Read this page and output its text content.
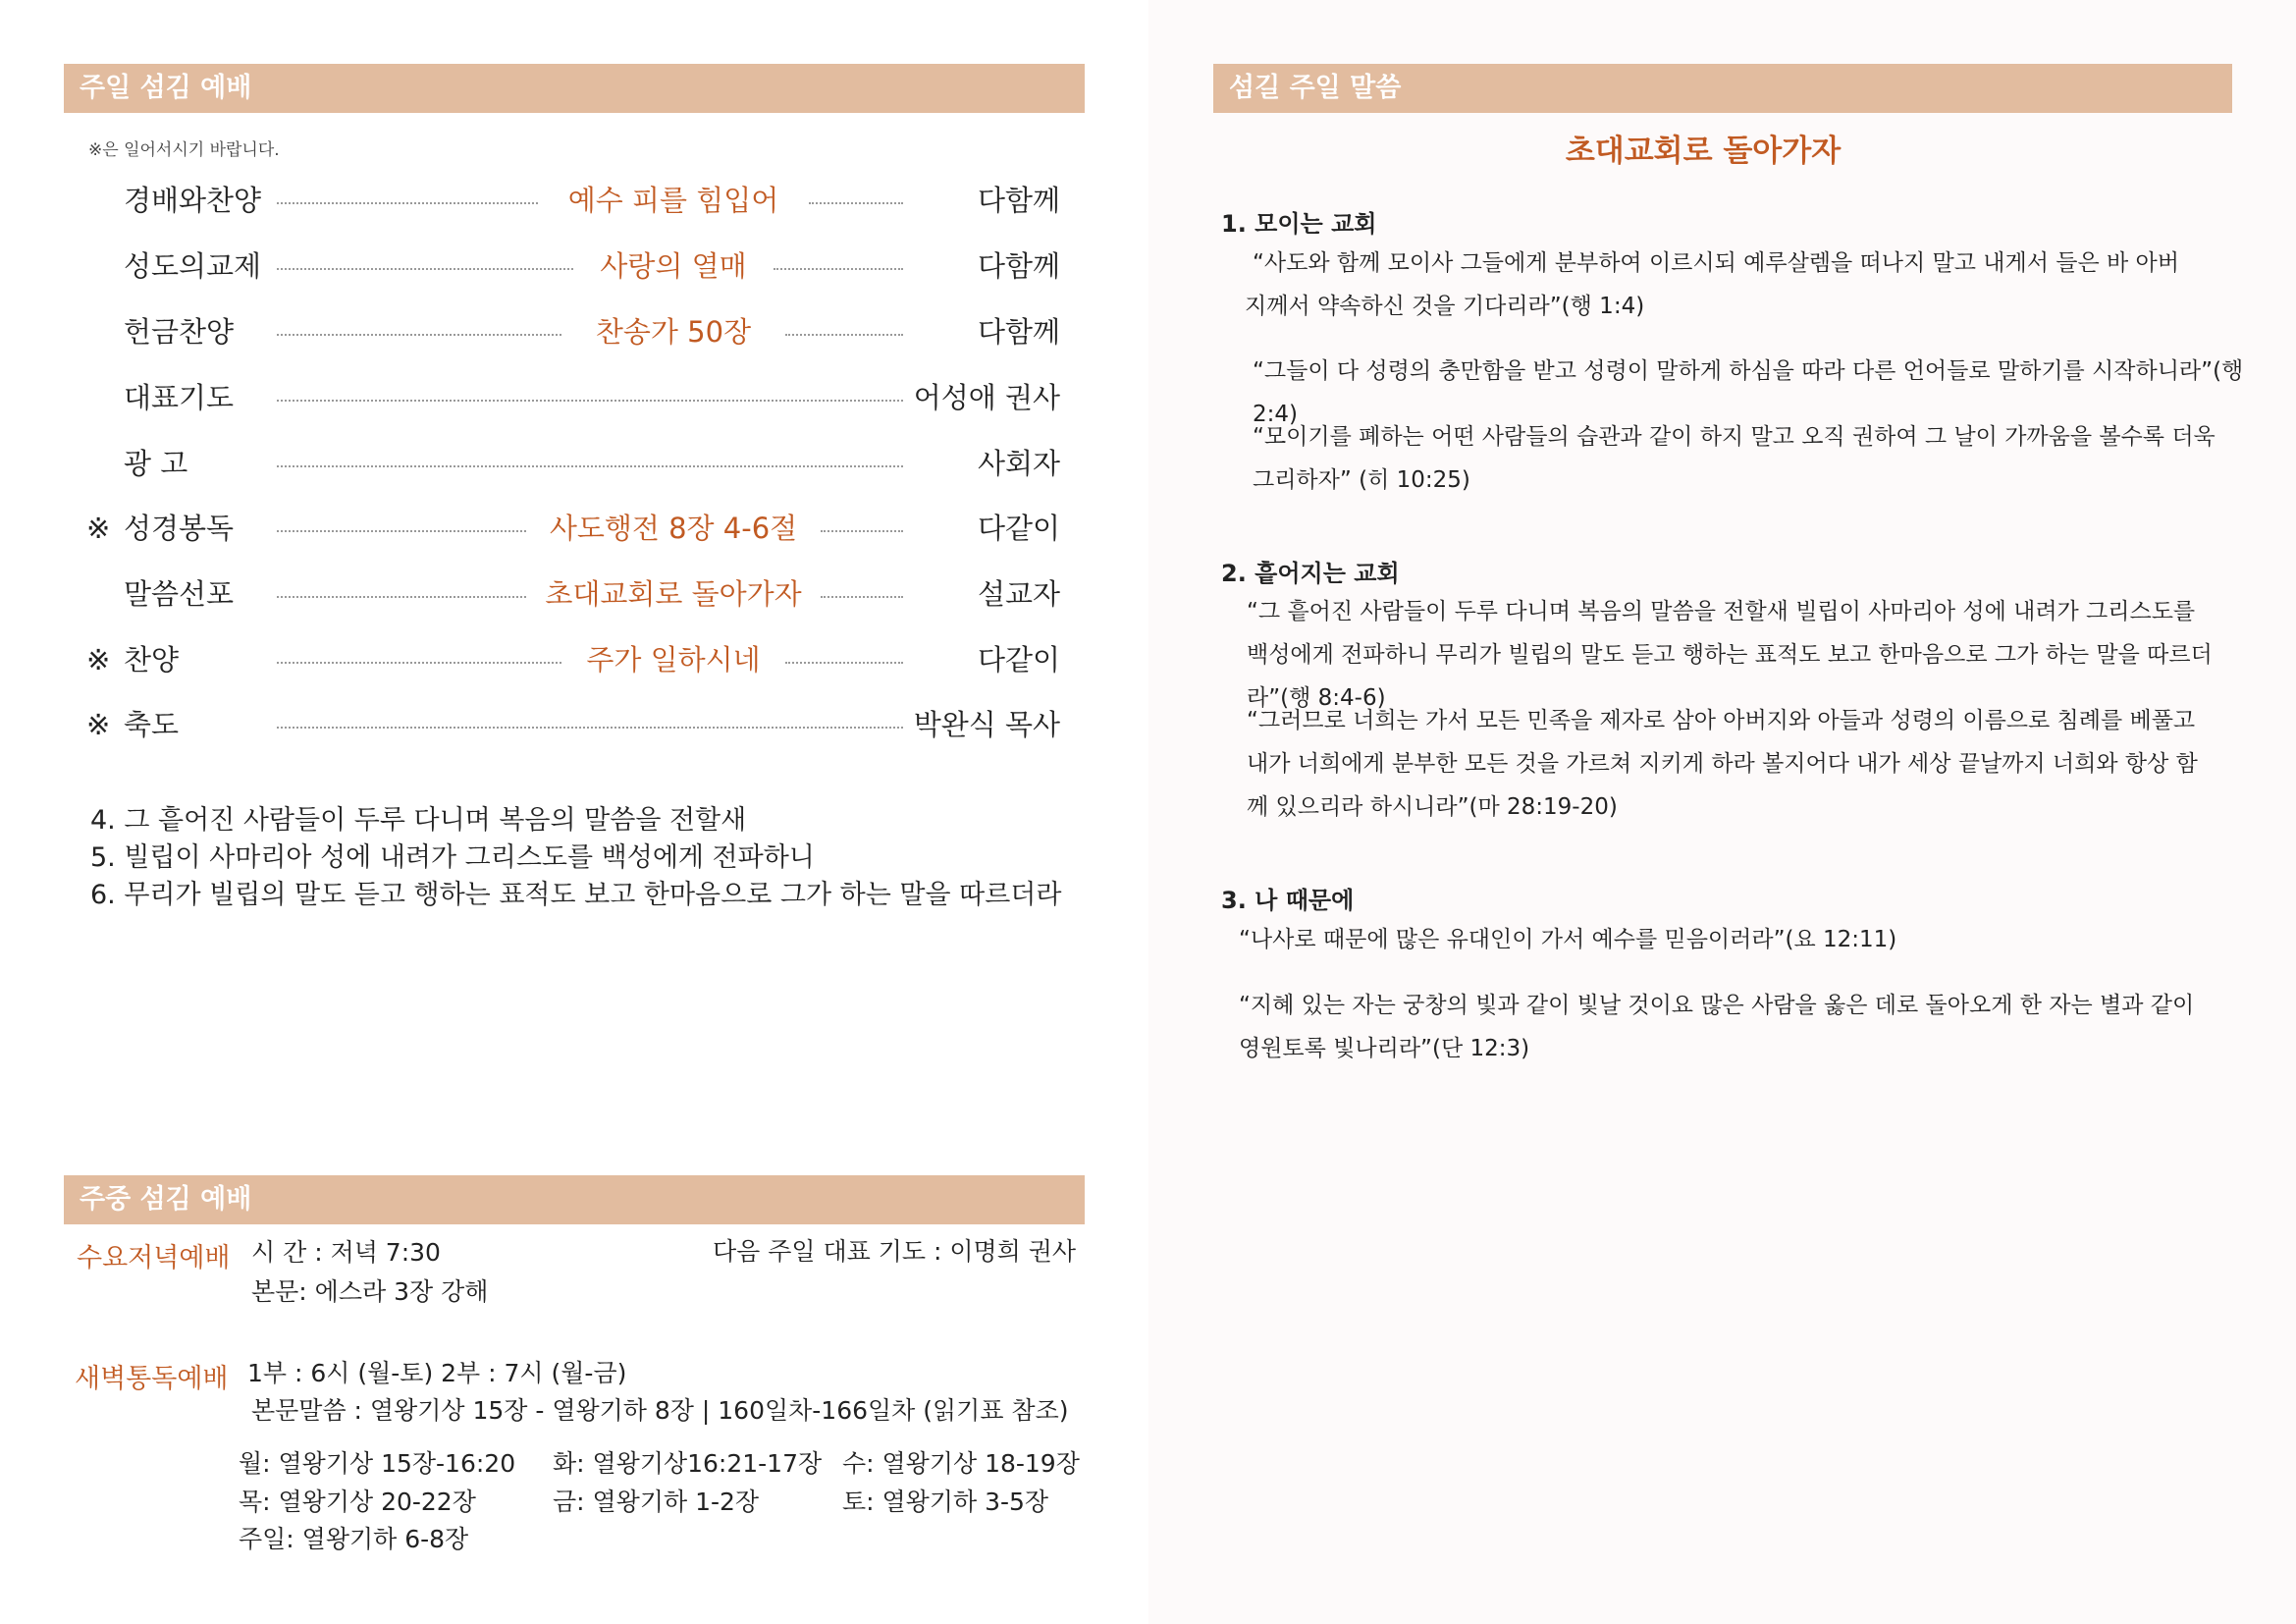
주일 섬김 예배
※은 일어서시기 바랍니다.
경배와찬양	예수 피를 힘입어	다함께
성도의교제	사랑의 열매	다함께
헌금찬양	찬송가 50장	다함께
대표기도	어성애 권사
광 고	사회자
※ 성경봉독	사도행전 8장 4-6절	다같이
말씀선포	초대교회로 돌아가자	설교자
※ 찬양	주가 일하시네	다같이
※ 축도	박완식 목사
4. 그 흩어진 사람들이 두루 다니며 복음의 말씀을 전할새
5. 빌립이 사마리아 성에 내려가 그리스도를 백성에게 전파하니
6. 무리가 빌립의 말도 듣고 행하는 표적도 보고 한마음으로 그가 하는 말을 따르더라
주중 섬김 예배
수요저녁예배 시 간 : 저녁 7:30	다음 주일 대표 기도 : 이명희 권사
본문: 에스라 3장 강해
새벽통독예배 1부 : 6시 (월-토) 2부 : 7시 (월-금)
본문말씀 : 열왕기상 15장 - 열왕기하 8장 | 160일차-166일차 (읽기표 참조)
월: 열왕기상 15장-16:20 화: 열왕기상16:21-17장 수: 열왕기상 18-19장
목: 열왕기상 20-22장	금: 열왕기하 1-2장	토: 열왕기하 3-5장
주일: 열왕기하 6-8장
섬길 주일 말씀
초대교회로 돌아가자
1. 모이는 교회
“사도와 함께 모이사 그들에게 분부하여 이르시되 예루살렘을 떠나지 말고 내게서 들은 바 아버지께서 약속하신 것을 기다리라”(행 1:4)
“그들이 다 성령의 충만함을 받고 성령이 말하게 하심을 따라 다른 언어들로 말하기를 시작하니라”(행 2:4)
“모이기를 폐하는 어떤 사람들의 습관과 같이 하지 말고 오직 권하여 그 날이 가까움을 볼수록 더욱 그리하자” (히 10:25)
2. 흩어지는 교회
“그 흩어진 사람들이 두루 다니며 복음의 말씀을 전할새 빌립이 사마리아 성에 내려가 그리스도를 백성에게 전파하니 무리가 빌립의 말도 듣고 행하는 표적도 보고 한마음으로 그가 하는 말을 따르더라”(행 8:4-6)
“그러므로 너희는 가서 모든 민족을 제자로 삼아 아버지와 아들과 성령의 이름으로 침례를 베풀고 내가 너희에게 분부한 모든 것을 가르쳐 지키게 하라 볼지어다 내가 세상 끝날까지 너희와 항상 함께 있으리라 하시니라”(마 28:19-20)
3. 나 때문에
“나사로 때문에 많은 유대인이 가서 예수를 믿음이러라”(요 12:11)
“지혜 있는 자는 궁창의 빛과 같이 빛날 것이요 많은 사람을 옳은 데로 돌아오게 한 자는 별과 같이 영원토록 빛나리라”(단 12:3)
